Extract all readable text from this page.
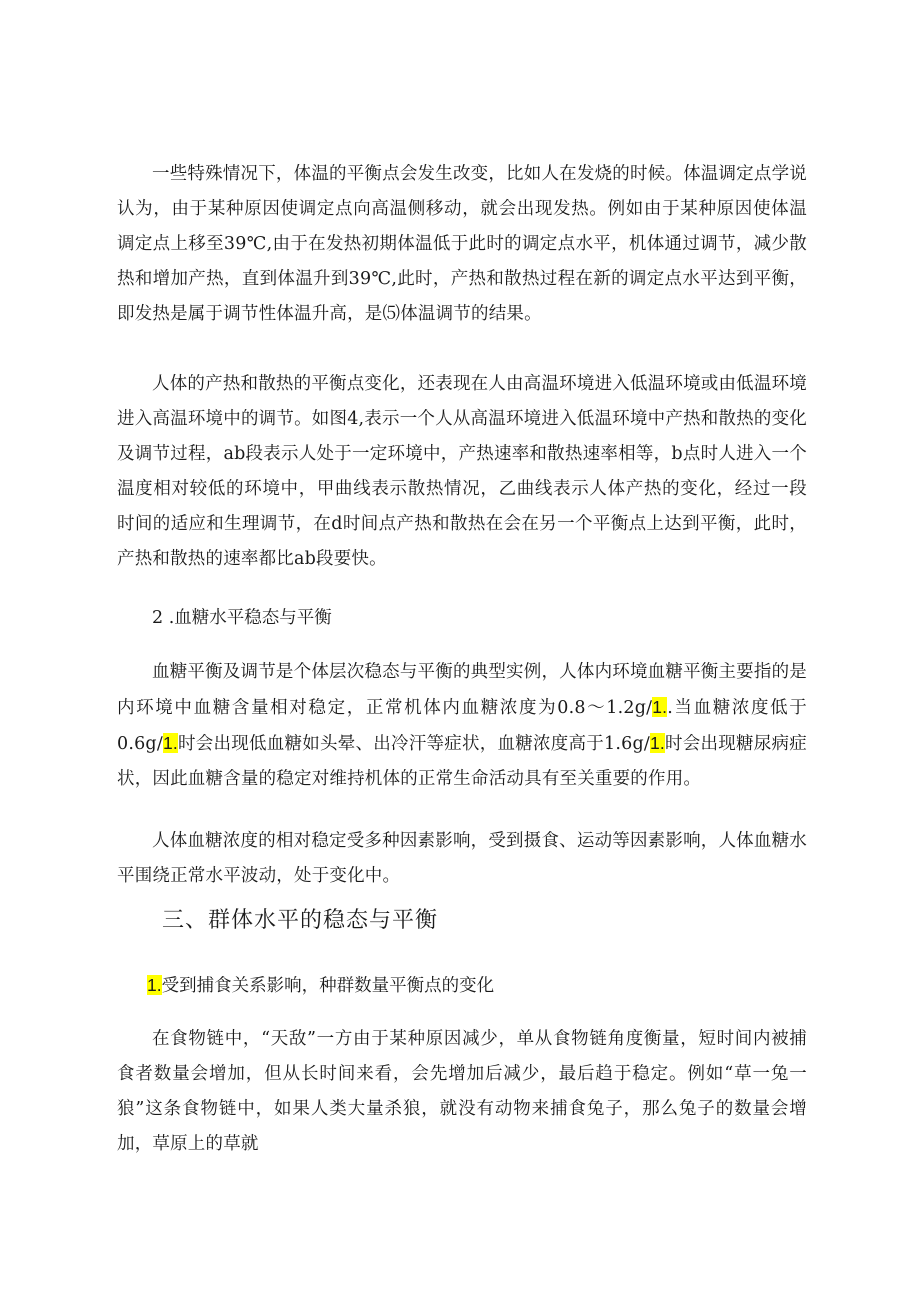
一些特殊情况下，体温的平衡点会发生改变，比如人在发烧的时候。体温调定点学说认为，由于某种原因使调定点向高温侧移动，就会出现发热。例如由于某种原因使体温调定点上移至39℃,由于在发热初期体温低于此时的调定点水平，机体通过调节，减少散热和增加产热，直到体温升到39℃,此时，产热和散热过程在新的调定点水平达到平衡，即发热是属于调节性体温升高，是⑸体温调节的结果。

人体的产热和散热的平衡点变化，还表现在人由高温环境进入低温环境或由低温环境进入高温环境中的调节。如图4,表示一个人从高温环境进入低温环境中产热和散热的变化及调节过程，ab段表示人处于一定环境中，产热速率和散热速率相等，b点时人进入一个温度相对较低的环境中，甲曲线表示散热情况，乙曲线表示人体产热的变化，经过一段时间的适应和生理调节，在d时间点产热和散热在会在另一个平衡点上达到平衡，此时，产热和散热的速率都比ab段要快。

2 .血糖水平稳态与平衡

血糖平衡及调节是个体层次稳态与平衡的典型实例，人体内环境血糖平衡主要指的是内环境中血糖含量相对稳定，正常机体内血糖浓度为0.8～1.2g∕1..当血糖浓度低于0.6g∕1.时会出现低血糖如头晕、出冷汗等症状，血糖浓度高于1.6g∕1.时会出现糖尿病症状，因此血糖含量的稳定对维持机体的正常生命活动具有至关重要的作用。

人体血糖浓度的相对稳定受多种因素影响，受到摄食、运动等因素影响，人体血糖水平围绕正常水平波动，处于变化中。

三、群体水平的稳态与平衡

1.受到捕食关系影响，种群数量平衡点的变化

在食物链中，“天敌”一方由于某种原因减少，单从食物链角度衡量，短时间内被捕食者数量会增加，但从长时间来看，会先增加后减少，最后趋于稳定。例如“草一兔一狼”这条食物链中，如果人类大量杀狼，就没有动物来捕食兔子，那么兔子的数量会增加，草原上的草就
